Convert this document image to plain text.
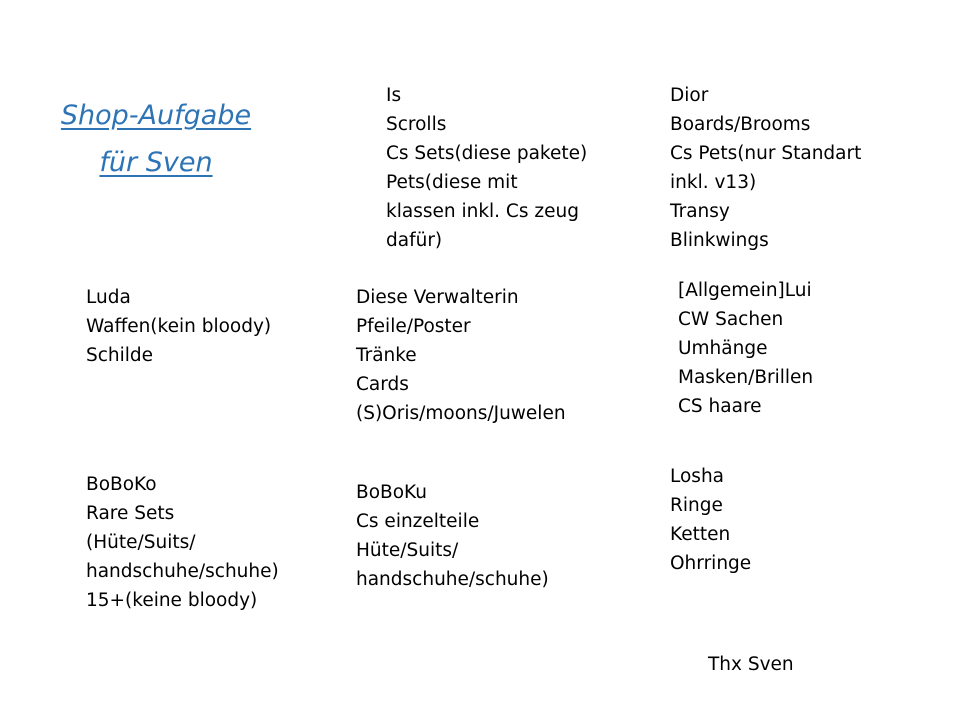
Shop-Aufgabe
für Sven
Is
Scrolls
Cs Sets(diese pakete)
Pets(diese mit
klassen inkl. Cs zeug
dafür)
Dior
Boards/Brooms
Cs Pets(nur Standart
inkl. v13)
Transy
Blinkwings
Luda
Waffen(kein bloody)
Schilde
Diese Verwalterin
Pfeile/Poster
Tränke
Cards
(S)Oris/moons/Juwelen
[Allgemein]Lui
CW Sachen
Umhänge
Masken/Brillen
CS haare
BoBoKo
Rare Sets
(Hüte/Suits/
handschuhe/schuhe)
15+(keine bloody)
BoBoKu
Cs einzelteile
Hüte/Suits/
handschuhe/schuhe)
Losha
Ringe
Ketten
Ohrringe
Thx Sven
